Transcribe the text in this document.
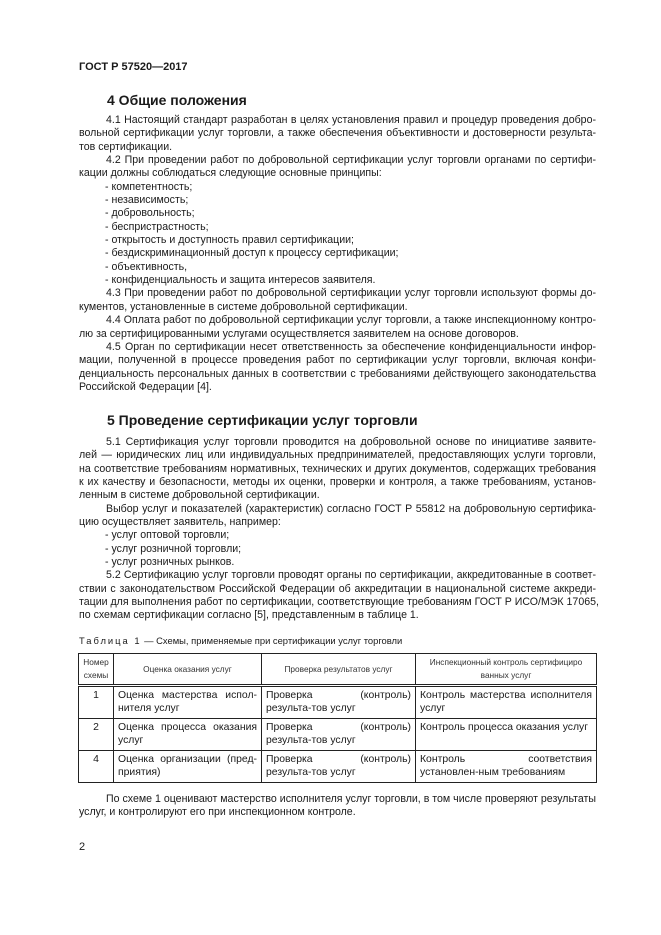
ГОСТ Р 57520—2017
4 Общие положения
4.1 Настоящий стандарт разработан в целях установления правил и процедур проведения добро-
вольной сертификации услуг торговли, а также обеспечения объективности и достоверности результа-
тов сертификации.
4.2 При проведении работ по добровольной сертификации услуг торговли органами по сертифи-
кации должны соблюдаться следующие основные принципы:
- компетентность;
- независимость;
- добровольность;
- беспристрастность;
- открытость и доступность правил сертификации;
- бездискриминационный доступ к процессу сертификации;
- объективность,
- конфиденциальность и защита интересов заявителя.
4.3 При проведении работ по добровольной сертификации услуг торговли используют формы до-
кументов, установленные в системе добровольной сертификации.
4.4 Оплата работ по добровольной сертификации услуг торговли, а также инспекционному контро-
лю за сертифицированными услугами осуществляется заявителем на основе договоров.
4.5 Орган по сертификации несет ответственность за обеспечение конфиденциальности инфор-
мации, полученной в процессе проведения работ по сертификации услуг торговли, включая конфи-
денциальность персональных данных в соответствии с требованиями действующего законодательства
Российской Федерации [4].
5 Проведение сертификации услуг торговли
5.1 Сертификация услуг торговли проводится на добровольной основе по инициативе заявите-
лей — юридических лиц или индивидуальных предпринимателей, предоставляющих услуги торговли,
на соответствие требованиям нормативных, технических и других документов, содержащих требования
к их качеству и безопасности, методы их оценки, проверки и контроля, а также требованиям, установ-
ленным в системе добровольной сертификации.
Выбор услуг и показателей (характеристик) согласно ГОСТ Р 55812 на добровольную сертифика-
цию осуществляет заявитель, например:
- услуг оптовой торговли;
- услуг розничной торговли;
- услуг розничных рынков.
5.2 Сертификацию услуг торговли проводят органы по сертификации, аккредитованные в соответ-
ствии с законодательством Российской Федерации об аккредитации в национальной системе аккреди-
тации для выполнения работ по сертификации, соответствующие требованиям ГОСТ Р ИСО/МЭК 17065,
по схемам сертификации согласно [5], представленным в таблице 1.
Таблица 1 — Схемы, применяемые при сертификации услуг торговли
Номер схемы	Оценка оказания услуг	Проверка результатов услуг	Инспекционный контроль сертифициро ванных услуг
1	Оценка мастерства испол-нителя услуг	Проверка (контроль) результа-тов услуг	Контроль мастерства исполнителя услуг
2	Оценка процесса оказания услуг	Проверка (контроль) результа-тов услуг	Контроль процесса оказания услуг
4	Оценка организации (пред-приятия)	Проверка (контроль) результа-тов услуг	Контроль соответствия установлен-ным требованиям
По схеме 1 оценивают мастерство исполнителя услуг торговли, в том числе проверяют результаты
услуг, и контролируют его при инспекционном контроле.
2
